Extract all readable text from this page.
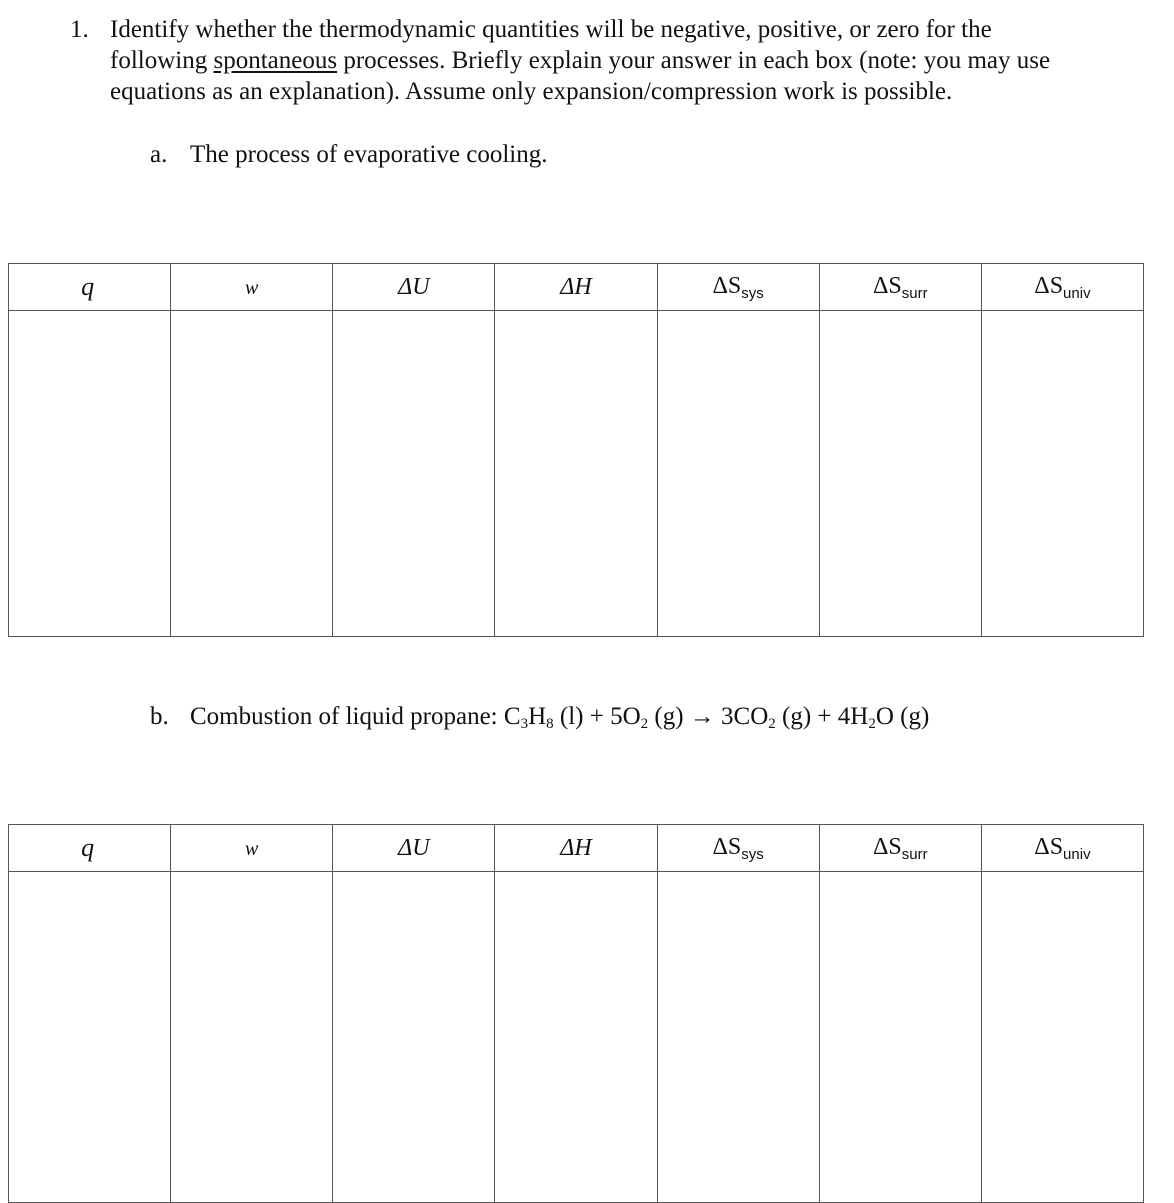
1. Identify whether the thermodynamic quantities will be negative, positive, or zero for the following spontaneous processes. Briefly explain your answer in each box (note: you may use equations as an explanation). Assume only expansion/compression work is possible.
a. The process of evaporative cooling.
q	w	ΔU	ΔH	$\Delta S_{sys}$	$\Delta S_{surr}$	$\Delta S_{univ}$

b. Combustion of liquid propane: $C_3H_8$ $(l) + 5O_2$ $(g) \to 3CO_2$ $(g) + 4H_2O$ (g)
q	w	ΔU	ΔH	$\Delta S_{sys}$	$\Delta S_{surr}$	$\Delta S_{univ}$
